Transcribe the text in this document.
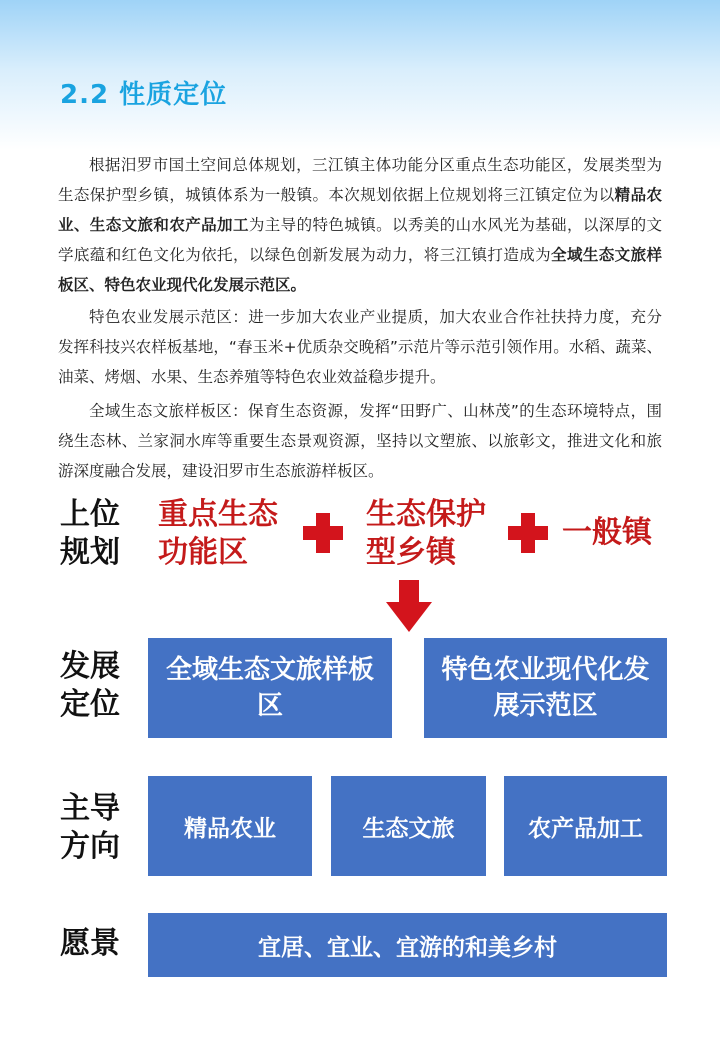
2.2 性质定位

根据汨罗市国土空间总体规划，三江镇主体功能分区重点生态功能区，发展类型为生态保护型乡镇，城镇体系为一般镇。本次规划依据上位规划将三江镇定位为以精品农业、生态文旅和农产品加工为主导的特色城镇。以秀美的山水风光为基础，以深厚的文学底蕴和红色文化为依托，以绿色创新发展为动力，将三江镇打造成为全域生态文旅样板区、特色农业现代化发展示范区。

特色农业发展示范区：进一步加大农业产业提质，加大农业合作社扶持力度，充分发挥科技兴农样板基地，“春玉米+优质杂交晚稻”示范片等示范引领作用。水稻、蔬菜、油菜、烤烟、水果、生态养殖等特色农业效益稳步提升。

全域生态文旅样板区：保育生态资源，发挥“田野广、山林茂”的生态环境特点，围绕生态林、兰家洞水库等重要生态景观资源，坚持以文塑旅、以旅彰文，推进文化和旅游深度融合发展，建设汨罗市生态旅游样板区。

上位
规划
重点生态
功能区
生态保护
型乡镇
一般镇
发展
定位
全域生态文旅样板区
特色农业现代化发展示范区
主导
方向
精品农业	生态文旅	农产品加工
愿景	宜居、宜业、宜游的和美乡村
